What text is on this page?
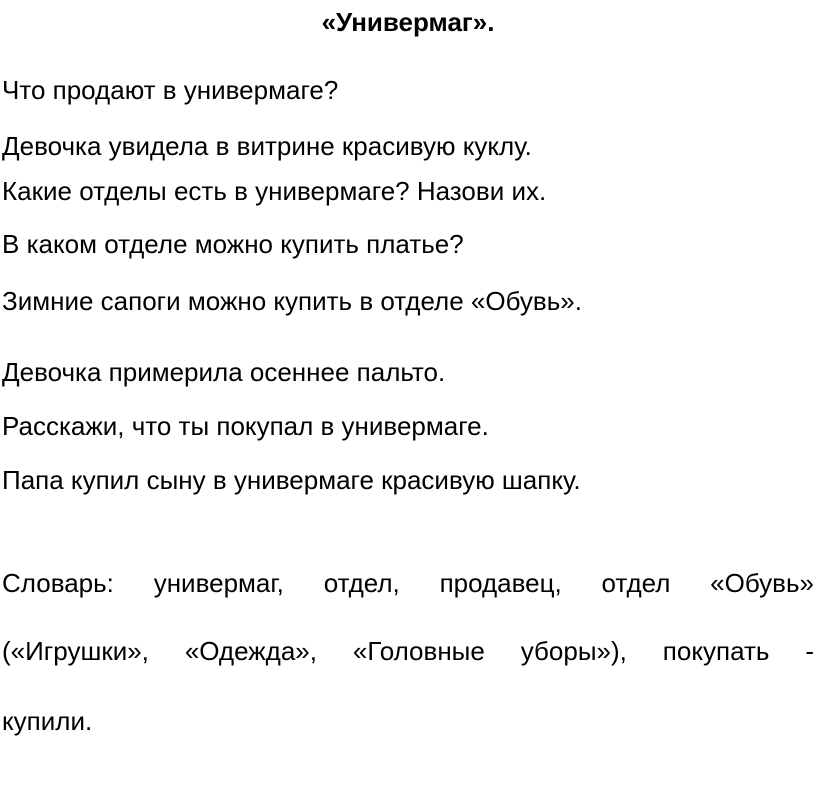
«Универмаг».
Что продают в универмаге?
Девочка увидела в витрине красивую куклу.
Какие отделы есть в универмаге? Назови их.
В каком отделе можно купить платье?
Зимние сапоги можно купить в отделе «Обувь».
Девочка примерила осеннее пальто.
Расскажи, что ты покупал в универмаге.
Папа купил сыну в универмаге красивую шапку.
Словарь: универмаг, отдел, продавец, отдел «Обувь»
(«Игрушки», «Одежда», «Головные уборы»), покупать -
купили.
